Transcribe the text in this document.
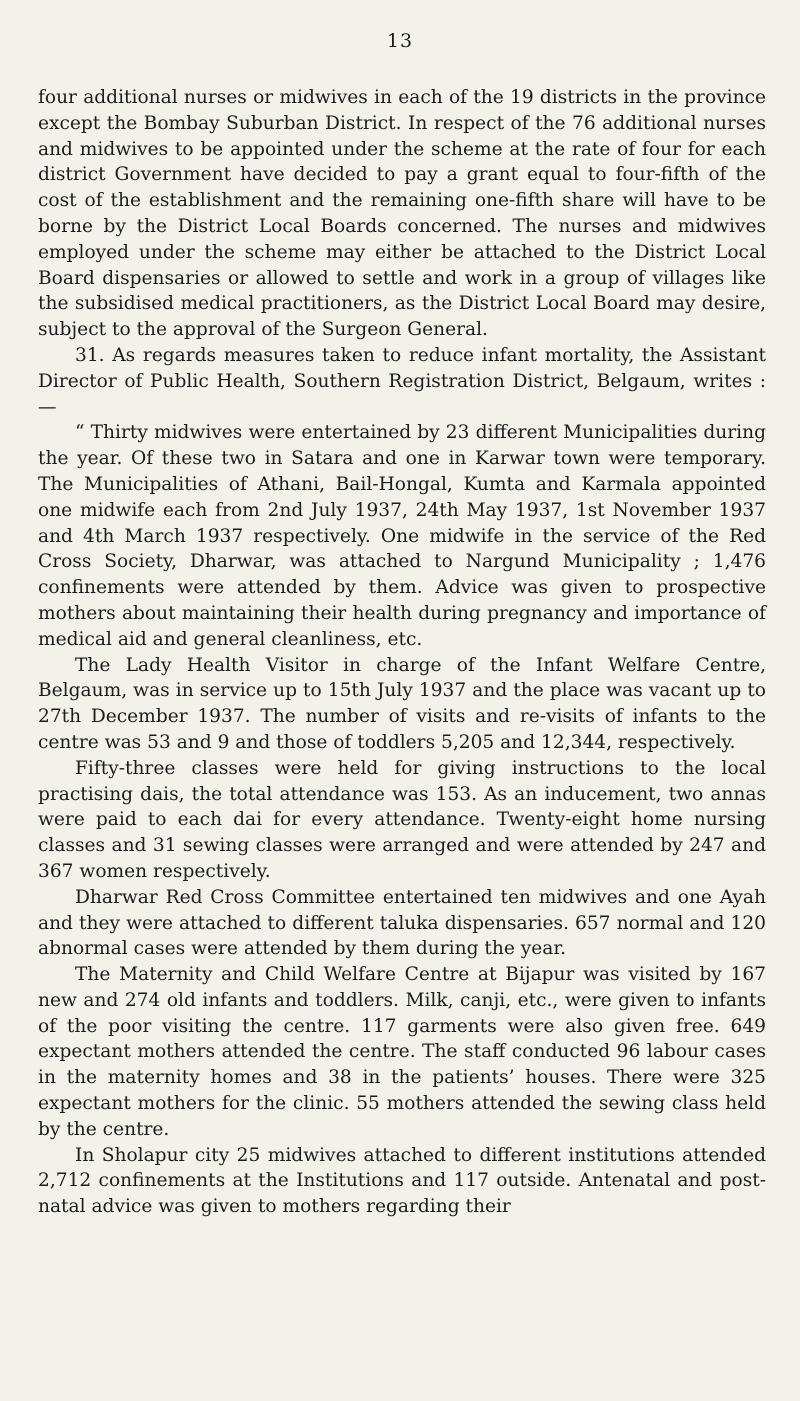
13

four additional nurses or midwives in each of the 19 districts in the province except the Bombay Suburban District. In respect of the 76 additional nurses and midwives to be appointed under the scheme at the rate of four for each district Government have decided to pay a grant equal to four-fifth of the cost of the establishment and the remaining one-fifth share will have to be borne by the District Local Boards concerned. The nurses and midwives employed under the scheme may either be attached to the District Local Board dispensaries or allowed to settle and work in a group of villages like the subsidised medical practitioners, as the District Local Board may desire, subject to the approval of the Surgeon General.

31. As regards measures taken to reduce infant mortality, the Assistant Director of Public Health, Southern Registration District, Belgaum, writes :—

“ Thirty midwives were entertained by 23 different Municipalities during the year. Of these two in Satara and one in Karwar town were temporary. The Municipalities of Athani, Bail-Hongal, Kumta and Karmala appointed one midwife each from 2nd July 1937, 24th May 1937, 1st November 1937 and 4th March 1937 respectively. One midwife in the service of the Red Cross Society, Dharwar, was attached to Nargund Municipality ; 1,476 confinements were attended by them. Advice was given to prospective mothers about maintaining their health during pregnancy and importance of medical aid and general cleanliness, etc.

The Lady Health Visitor in charge of the Infant Welfare Centre, Belgaum, was in service up to 15th July 1937 and the place was vacant up to 27th December 1937. The number of visits and re-visits of infants to the centre was 53 and 9 and those of toddlers 5,205 and 12,344, respectively.

Fifty-three classes were held for giving instructions to the local practising dais, the total attendance was 153. As an inducement, two annas were paid to each dai for every attendance. Twenty-eight home nursing classes and 31 sewing classes were arranged and were attended by 247 and 367 women respectively.

Dharwar Red Cross Committee entertained ten midwives and one Ayah and they were attached to different taluka dispensaries. 657 normal and 120 abnormal cases were attended by them during the year.

The Maternity and Child Welfare Centre at Bijapur was visited by 167 new and 274 old infants and toddlers. Milk, canji, etc., were given to infants of the poor visiting the centre. 117 garments were also given free. 649 expectant mothers attended the centre. The staff conducted 96 labour cases in the maternity homes and 38 in the patients’ houses. There were 325 expectant mothers for the clinic. 55 mothers attended the sewing class held by the centre.

In Sholapur city 25 midwives attached to different institutions attended 2,712 confinements at the Institutions and 117 outside. Antenatal and post-natal advice was given to mothers regarding their
